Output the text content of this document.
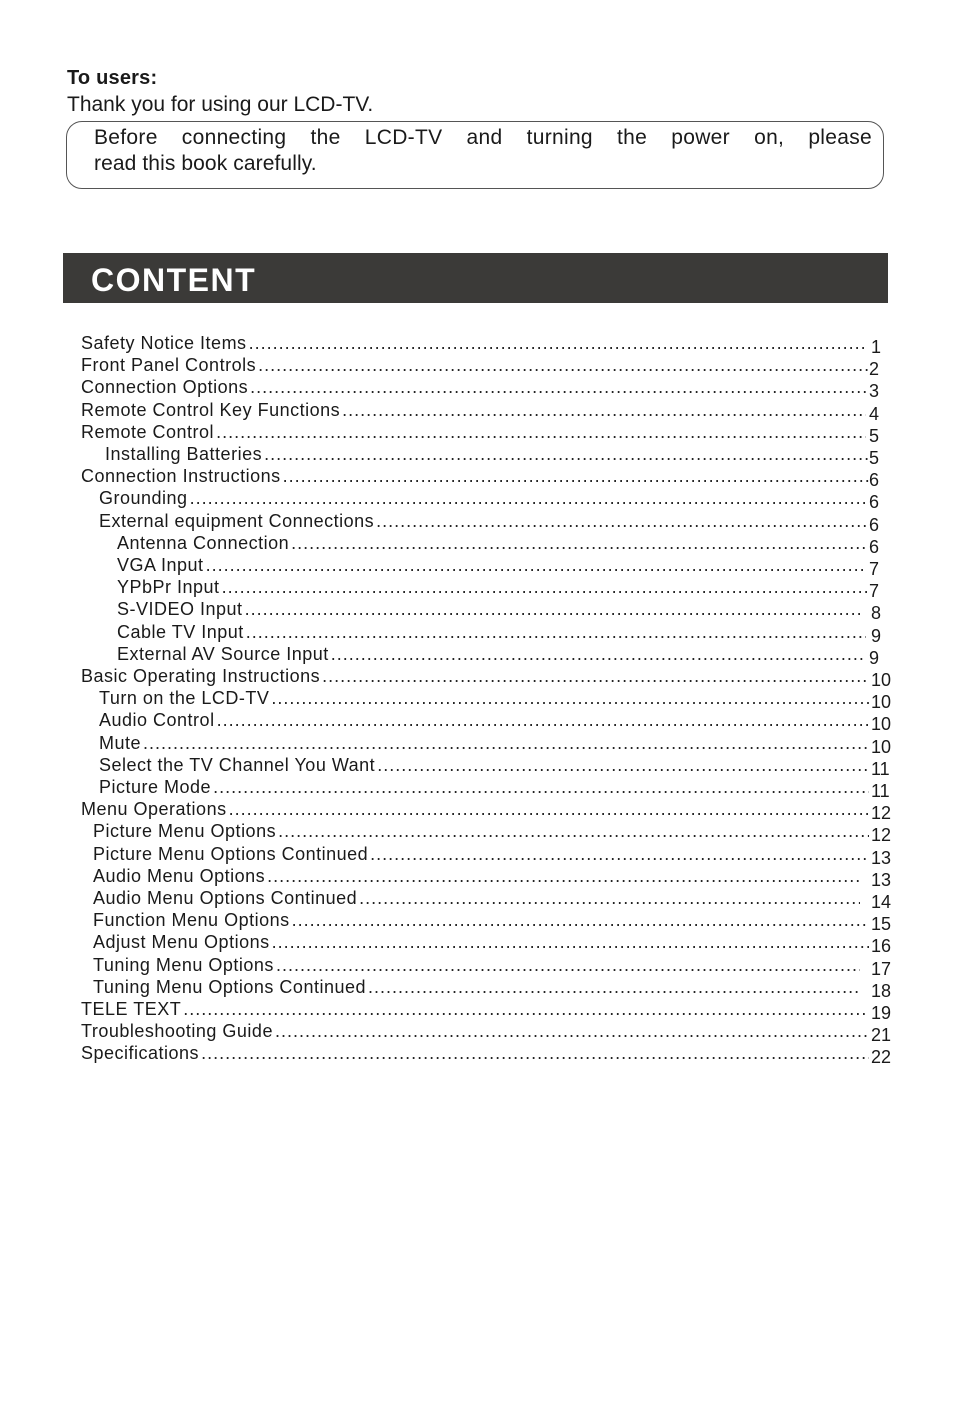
To users:
Thank you for using our LCD-TV.
Before connecting the LCD-TV and turning the power on, please
read this book carefully.
CONTENT
Safety Notice Items .....	1
Front Panel Controls .....	2
Connection Options .....	3
Remote Control Key Functions .....	4
Remote Control .....	5
Installing Batteries .....	5
Connection Instructions .....	6
Grounding .....	6
External equipment Connections .....	6
Antenna Connection .....	6
VGA Input .....	7
YPbPr Input .....	7
S-VIDEO Input .....	8
Cable TV Input .....	9
External AV Source Input .....	9
Basic Operating Instructions .....	10
Turn on the LCD-TV .....	10
Audio Control .....	10
Mute .....	10
Select the TV Channel You Want .....	11
Picture Mode .....	11
Menu Operations .....	12
Picture Menu Options .....	12
Picture Menu Options Continued .....	13
Audio Menu Options .....	13
Audio Menu Options Continued .....	14
Function Menu Options .....	15
Adjust Menu Options .....	16
Tuning Menu Options .....	17
Tuning Menu Options Continued .....	18
TELE TEXT .....	19
Troubleshooting Guide .....	21
Specifications .....	22
